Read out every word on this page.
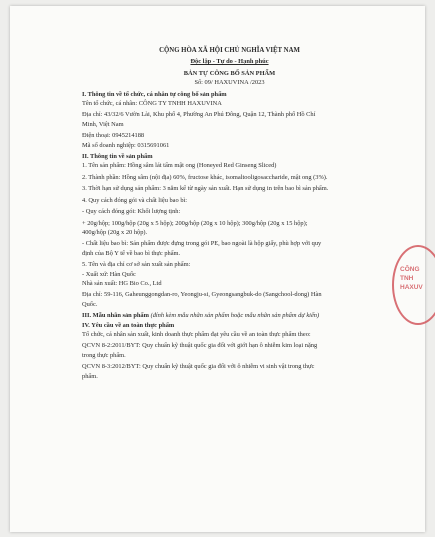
CỘNG HÒA XÃ HỘI CHỦ NGHĨA VIỆT NAM
Độc lập - Tự do - Hạnh phúc
BẢN TỰ CÔNG BỐ SẢN PHẨM
Số: 09/ HAXUVINA /2023
I. Thông tin về tổ chức, cá nhân tự công bố sản phẩm
Tên tổ chức, cá nhân: CÔNG TY TNHH HAXUVINA
Địa chỉ: 43/32/6 Vườn Lài, Khu phố 4, Phường An Phú Đông, Quận 12, Thành phố Hồ Chí
Minh, Việt Nam
Điện thoại: 0945214188
Mã số doanh nghiệp: 0315691061
II. Thông tin về sản phẩm
1. Tên sản phẩm: Hồng sâm lát tẩm mật ong (Honeyed Red Ginseng Sliced)
2. Thành phần: Hồng sâm (nội địa) 60%, fructose khác, isomaltooligosaccharide, mật ong (3%).
3. Thời hạn sử dụng sản phẩm: 3 năm kể từ ngày sản xuất. Hạn sử dụng in trên bao bì sản phẩm.
4. Quy cách đóng gói và chất liệu bao bì:
- Quy cách đóng gói: Khối lượng tịnh:
+ 20g/hộp; 100g/hộp (20g x 5 hộp); 200g/hộp (20g x 10 hộp); 300g/hộp (20g x 15 hộp);
400g/hộp (20g x 20 hộp).
- Chất liệu bao bì: Sản phẩm được đựng trong gói PE, bao ngoài là hộp giấy, phù hợp với quy
định của Bộ Y tế về bao bì thực phẩm.
5. Tên và địa chỉ cơ sở sản xuất sản phẩm:
- Xuất xứ: Hàn Quốc
Nhà sản xuất: HG Bio Co., Ltd
Địa chỉ: 59-116, Gaheunggongdan-ro, Yeongju-si, Gyeongsangbuk-do (Sangchool-dong) Hàn
Quốc.
III. Mẫu nhãn sản phẩm (đính kèm mẫu nhãn sản phẩm hoặc mẫu nhãn sản phẩm dự kiến)
IV. Yêu cầu về an toàn thực phẩm
Tổ chức, cá nhân sản xuất, kinh doanh thực phẩm đạt yêu cầu về an toàn thực phẩm theo:
QCVN 8-2:2011/BYT: Quy chuẩn kỹ thuật quốc gia đối với giới hạn ô nhiễm kim loại nặng
trong thực phẩm.
QCVN 8-3:2012/BYT: Quy chuẩn kỹ thuật quốc gia đối với ô nhiễm vi sinh vật trong thực
phẩm.
CÔNG
TNH
HAXUV
